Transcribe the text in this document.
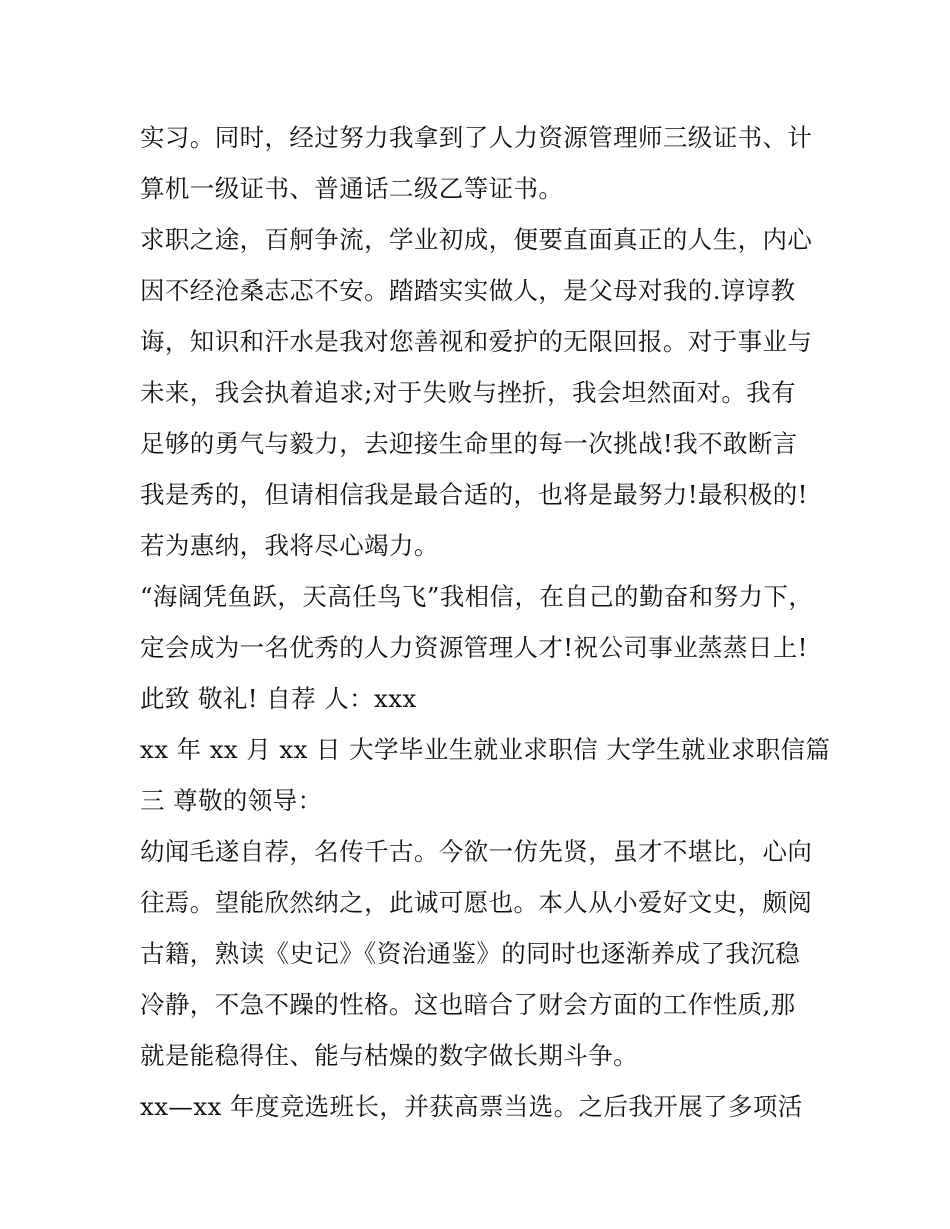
实习。同时，经过努力我拿到了人力资源管理师三级证书、计
算机一级证书、普通话二级乙等证书。
求职之途，百舸争流，学业初成，便要直面真正的人生，内心
因不经沧桑志忑不安。踏踏实实做人，是父母对我的.谆谆教
诲，知识和汗水是我对您善视和爱护的无限回报。对于事业与
未来，我会执着追求;对于失败与挫折，我会坦然面对。我有
足够的勇气与毅力，去迎接生命里的每一次挑战!我不敢断言
我是秀的，但请相信我是最合适的，也将是最努力!最积极的!
若为惠纳，我将尽心竭力。
“海阔凭鱼跃，天高任鸟飞”我相信，在自己的勤奋和努力下，
定会成为一名优秀的人力资源管理人才!祝公司事业蒸蒸日上!
此致 敬礼! 自荐 人：xxx
xx 年 xx 月 xx 日 大学毕业生就业求职信 大学生就业求职信篇
三 尊敬的领导：
幼闻毛遂自荐，名传千古。今欲一仿先贤，虽才不堪比，心向
往焉。望能欣然纳之，此诚可愿也。本人从小爱好文史，颇阅
古籍，熟读《史记》《资治通鉴》的同时也逐渐养成了我沉稳
冷静，不急不躁的性格。这也暗合了财会方面的工作性质,那
就是能稳得住、能与枯燥的数字做长期斗争。
xx—xx 年度竞选班长，并获高票当选。之后我开展了多项活
